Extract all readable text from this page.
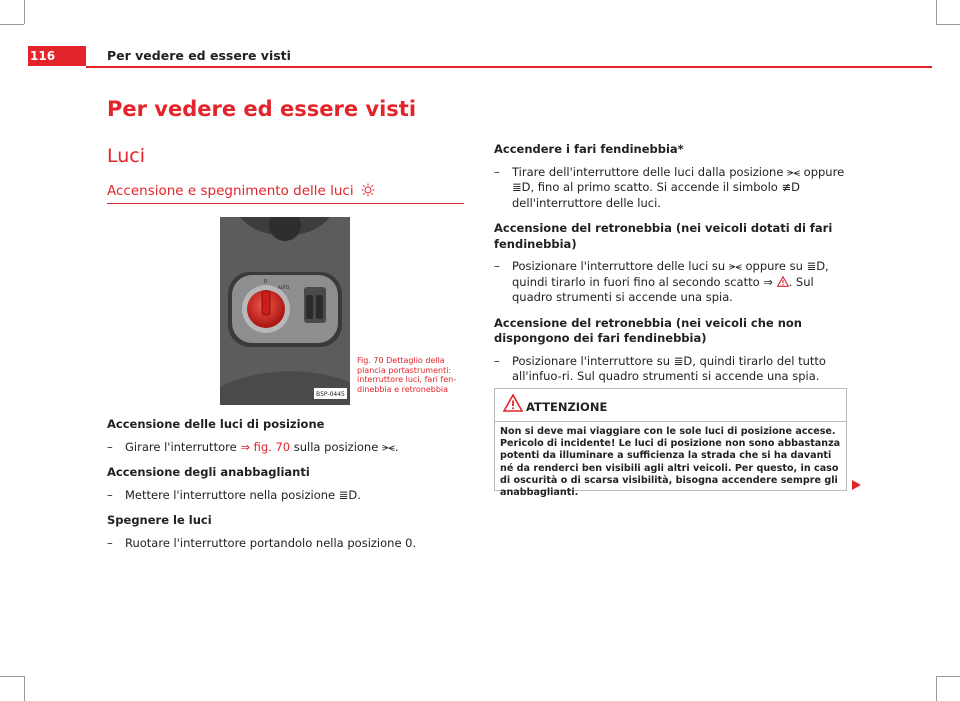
116	Per vedere ed essere visti
Per vedere ed essere visti
Luci
Accensione e spegnimento delle luci
0
AUTO
B5P-0445
Fig. 70 Dettaglio della plancia portastrumenti: interruttore luci, fari fen-dinebbia e retronebbia
Accensione delle luci di posizione
– Girare l'interruttore ⇒ fig. 70 sulla posizione ⪫⪪.
Accensione degli anabbaglianti
– Mettere l'interruttore nella posizione ≣D.
Spegnere le luci
– Ruotare l'interruttore portandolo nella posizione 0.
Accendere i fari fendinebbia*
– Tirare dell'interruttore delle luci dalla posizione ⪫⪪ oppure ≣D, fino al primo scatto. Si accende il simbolo ≢D dell'interruttore delle luci.
Accensione del retronebbia (nei veicoli dotati di fari fendinebbia)
– Posizionare l'interruttore delle luci su ⪫⪪ oppure su ≣D, quindi tirarlo in fuori fino al secondo scatto ⇒ . Sul quadro strumenti si accende una spia.
Accensione del retronebbia (nei veicoli che non dispongono dei fari fendinebbia)
– Posizionare l'interruttore su ≣D, quindi tirarlo del tutto all'infuo-ri. Sul quadro strumenti si accende una spia.
ATTENZIONE
Non si deve mai viaggiare con le sole luci di posizione accese. Pericolo di incidente! Le luci di posizione non sono abbastanza potenti da illuminare a sufficienza la strada che si ha davanti né da renderci ben visibili agli altri veicoli. Per questo, in caso di oscurità o di scarsa visibilità, bisogna accendere sempre gli anabbaglianti.
